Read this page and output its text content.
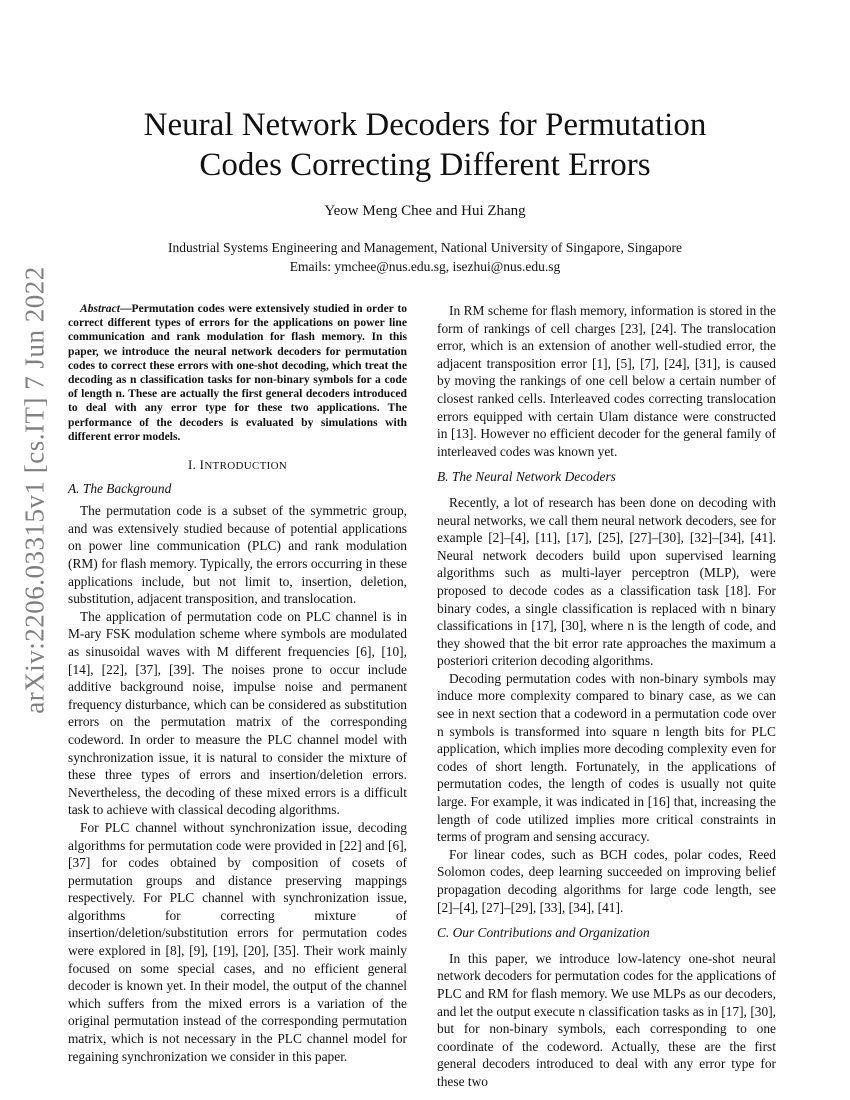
arXiv:2206.03315v1 [cs.IT] 7 Jun 2022
Neural Network Decoders for Permutation
Codes Correcting Different Errors
Yeow Meng Chee and Hui Zhang
Industrial Systems Engineering and Management, National University of Singapore, Singapore
Emails: ymchee@nus.edu.sg, isezhui@nus.edu.sg

Abstract—Permutation codes were extensively studied in order to correct different types of errors for the applications on power line communication and rank modulation for flash memory. In this paper, we introduce the neural network decoders for permutation codes to correct these errors with one-shot decoding, which treat the decoding as n classification tasks for non-binary symbols for a code of length n. These are actually the first general decoders introduced to deal with any error type for these two applications. The performance of the decoders is evaluated by simulations with different error models.

I. INTRODUCTION
A. The Background

The permutation code is a subset of the symmetric group, and was extensively studied because of potential applications on power line communication (PLC) and rank modulation (RM) for flash memory. Typically, the errors occurring in these applications include, but not limit to, insertion, deletion, substitution, adjacent transposition, and translocation.

The application of permutation code on PLC channel is in M-ary FSK modulation scheme where symbols are modulated as sinusoidal waves with M different frequencies [6], [10], [14], [22], [37], [39]. The noises prone to occur include additive background noise, impulse noise and permanent frequency disturbance, which can be considered as substitution errors on the permutation matrix of the corresponding codeword. In order to measure the PLC channel model with synchronization issue, it is natural to consider the mixture of these three types of errors and insertion/deletion errors. Nevertheless, the decoding of these mixed errors is a difficult task to achieve with classical decoding algorithms.

For PLC channel without synchronization issue, decoding algorithms for permutation code were provided in [22] and [6], [37] for codes obtained by composition of cosets of permutation groups and distance preserving mappings respectively. For PLC channel with synchronization issue, algorithms for correcting mixture of insertion/deletion/substitution errors for permutation codes were explored in [8], [9], [19], [20], [35]. Their work mainly focused on some special cases, and no efficient general decoder is known yet. In their model, the output of the channel which suffers from the mixed errors is a variation of the original permutation instead of the corresponding permutation matrix, which is not necessary in the PLC channel model for regaining synchronization we consider in this paper.

In RM scheme for flash memory, information is stored in the form of rankings of cell charges [23], [24]. The translocation error, which is an extension of another well-studied error, the adjacent transposition error [1], [5], [7], [24], [31], is caused by moving the rankings of one cell below a certain number of closest ranked cells. Interleaved codes correcting translocation errors equipped with certain Ulam distance were constructed in [13]. However no efficient decoder for the general family of interleaved codes was known yet.

B. The Neural Network Decoders

Recently, a lot of research has been done on decoding with neural networks, we call them neural network decoders, see for example [2]–[4], [11], [17], [25], [27]–[30], [32]–[34], [41]. Neural network decoders build upon supervised learning algorithms such as multi-layer perceptron (MLP), were proposed to decode codes as a classification task [18]. For binary codes, a single classification is replaced with n binary classifications in [17], [30], where n is the length of code, and they showed that the bit error rate approaches the maximum a posteriori criterion decoding algorithms.

Decoding permutation codes with non-binary symbols may induce more complexity compared to binary case, as we can see in next section that a codeword in a permutation code over n symbols is transformed into square n length bits for PLC application, which implies more decoding complexity even for codes of short length. Fortunately, in the applications of permutation codes, the length of codes is usually not quite large. For example, it was indicated in [16] that, increasing the length of code utilized implies more critical constraints in terms of program and sensing accuracy.

For linear codes, such as BCH codes, polar codes, Reed Solomon codes, deep learning succeeded on improving belief propagation decoding algorithms for large code length, see [2]–[4], [27]–[29], [33], [34], [41].

C. Our Contributions and Organization

In this paper, we introduce low-latency one-shot neural network decoders for permutation codes for the applications of PLC and RM for flash memory. We use MLPs as our decoders, and let the output execute n classification tasks as in [17], [30], but for non-binary symbols, each corresponding to one coordinate of the codeword. Actually, these are the first general decoders introduced to deal with any error type for these two
